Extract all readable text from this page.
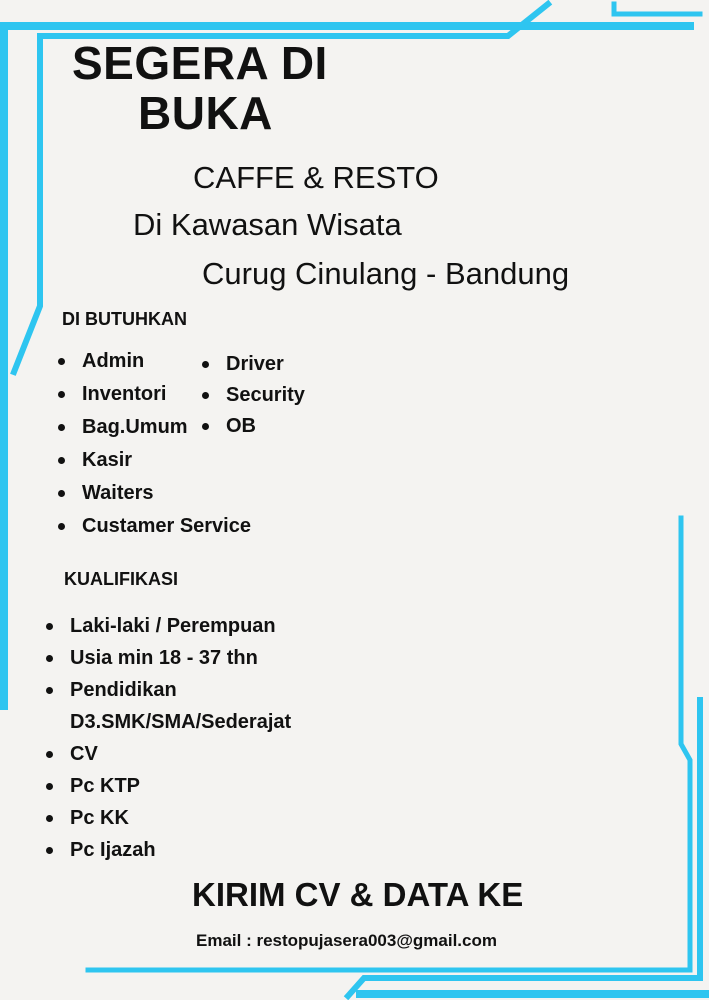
SEGERA DI
BUKA
CAFFE & RESTO
Di Kawasan Wisata
Curug Cinulang - Bandung
DI BUTUHKAN
Admin
Inventori
Bag.Umum
Kasir
Waiters
Custamer Service
Driver
Security
OB
KUALIFIKASI
Laki-laki / Perempuan
Usia min 18 - 37 thn
Pendidikan
D3.SMK/SMA/Sederajat
CV
Pc KTP
Pc KK
Pc Ijazah
KIRIM CV & DATA KE
Email : restopujasera003@gmail.com
